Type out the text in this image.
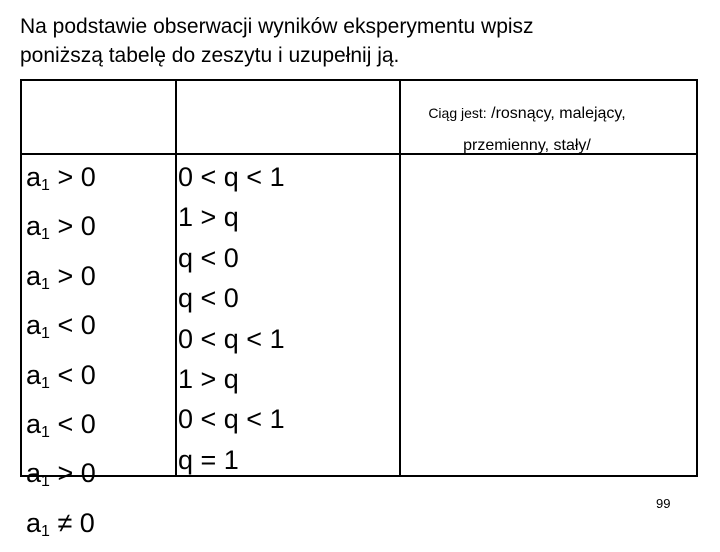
Na podstawie obserwacji wyników eksperymentu wpisz
poniższą tabelę do zeszytu i uzupełnij ją.
Ciąg jest: /rosnący, malejący,
przemienny, stały/
$a_1 > 0$
$a_1 > 0$
$a_1 > 0$
$a_1 < 0$
$a_1 < 0$
$a_1 < 0$
$a_1 > 0$
$a_1 \ne 0$
0 < q < 1
1 > q
q < 0
q < 0
0 < q < 1
1 > q
0 < q < 1
q = 1
99
